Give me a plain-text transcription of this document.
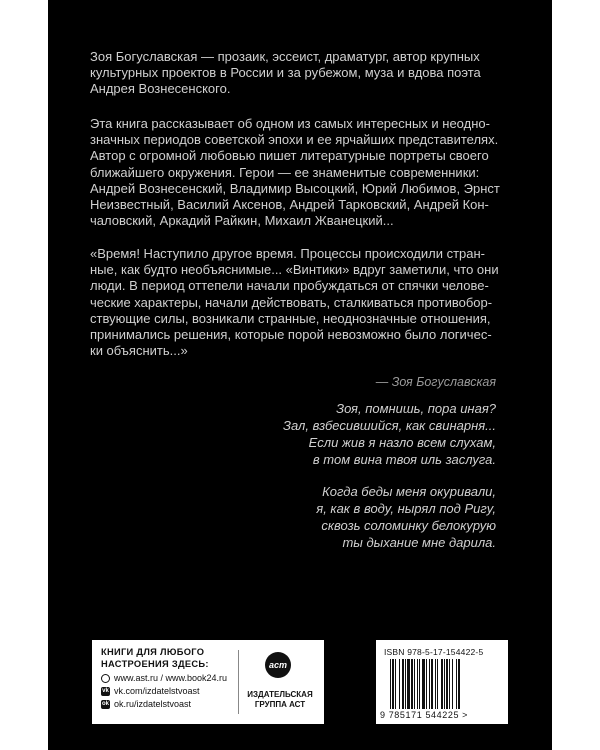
Зоя Богуславская — прозаик, эссеист, драматург, автор крупных
культурных проектов в России и за рубежом, муза и вдова поэта
Андрея Вознесенского.

Эта книга рассказывает об одном из самых интересных и неодно-
значных периодов советской эпохи и ее ярчайших представителях.
Автор с огромной любовью пишет литературные портреты своего
ближайшего окружения. Герои — ее знаменитые современники:
Андрей Вознесенский, Владимир Высоцкий, Юрий Любимов, Эрнст
Неизвестный, Василий Аксенов, Андрей Тарковский, Андрей Кон-
чаловский, Аркадий Райкин, Михаил Жванецкий...

«Время! Наступило другое время. Процессы происходили стран-
ные, как будто необъяснимые... «Винтики» вдруг заметили, что они
люди. В период оттепели начали пробуждаться от спячки челове-
ческие характеры, начали действовать, сталкиваться противобор-
ствующие силы, возникали странные, неоднозначные отношения,
принимались решения, которые порой невозможно было логичес-
ки объяснить...»

— Зоя Богуславская
Зоя, помнишь, пора иная?
Зал, взбесившийся, как свинарня...
Если жив я назло всем слухам,
в том вина твоя иль заслуга.
Когда беды меня окуривали,
я, как в воду, нырял под Ригу,
сквозь соломинку белокурую
ты дыхание мне дарила.
КНИГИ ДЛЯ ЛЮБОГО
НАСТРОЕНИЯ ЗДЕСЬ:
www.ast.ru / www.book24.ru
vk vk.com/izdatelstvoast
ok ok.ru/izdatelstvoast
аст
ИЗДАТЕЛЬСКАЯ
ГРУППА АСТ
ISBN 978-5-17-154422-5
9 785171 544225 >
